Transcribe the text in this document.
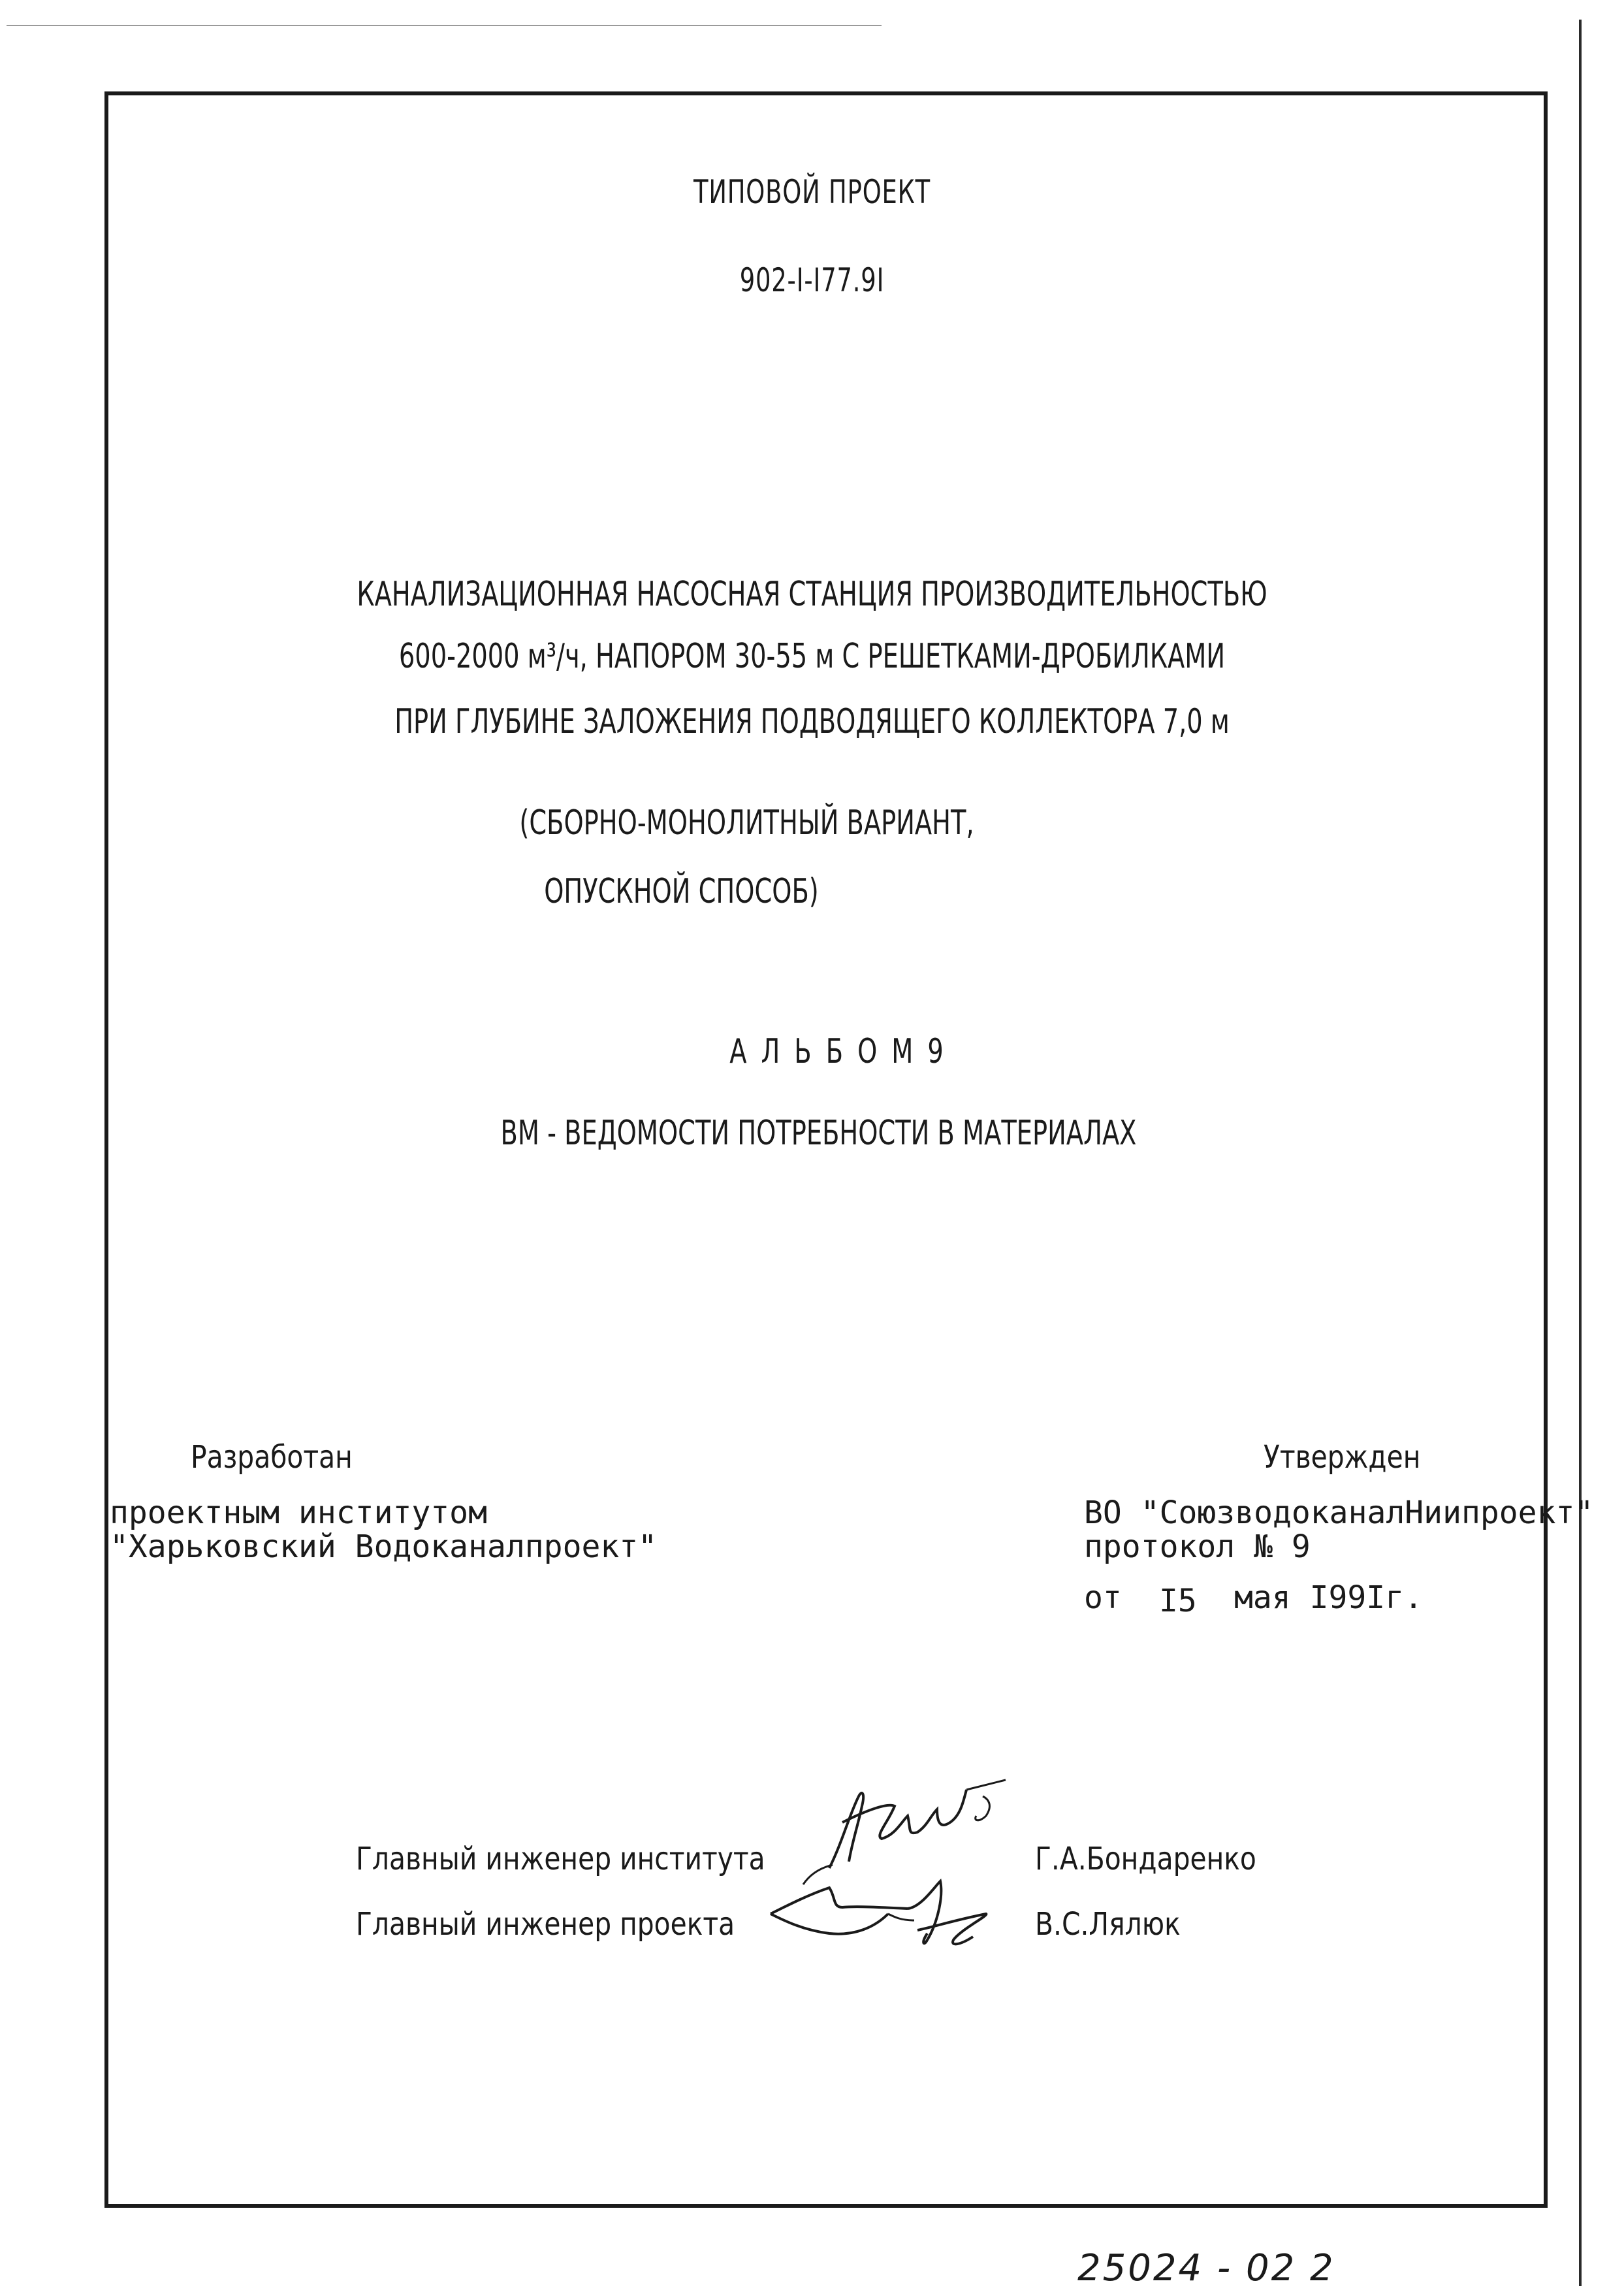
ТИПОВОЙ ПРОЕКТ
902-I-I77.9I
КАНАЛИЗАЦИОННАЯ НАСОСНАЯ СТАНЦИЯ ПРОИЗВОДИТЕЛЬНОСТЬЮ
600-2000 м³/ч, НАПОРОМ 30-55 м С РЕШЕТКАМИ-ДРОБИЛКАМИ
ПРИ ГЛУБИНЕ ЗАЛОЖЕНИЯ ПОДВОДЯЩЕГО КОЛЛЕКТОРА 7,0 м
(СБОРНО-МОНОЛИТНЫЙ ВАРИАНТ,
ОПУСКНОЙ СПОСОБ)
А Л Ь Б О М 9
ВМ - ВЕДОМОСТИ ПОТРЕБНОСТИ В МАТЕРИАЛАХ
Разработан
проектным институтом
"Харьковский Водоканалпроект"
Утвержден
ВО "СоюзводоканалНиипроект"
протокол № 9
от I5 мая I99Iг.
Главный инженер института	Г.А.Бондаренко
Главный инженер проекта	В.С.Лялюк
25024 - 02 2
